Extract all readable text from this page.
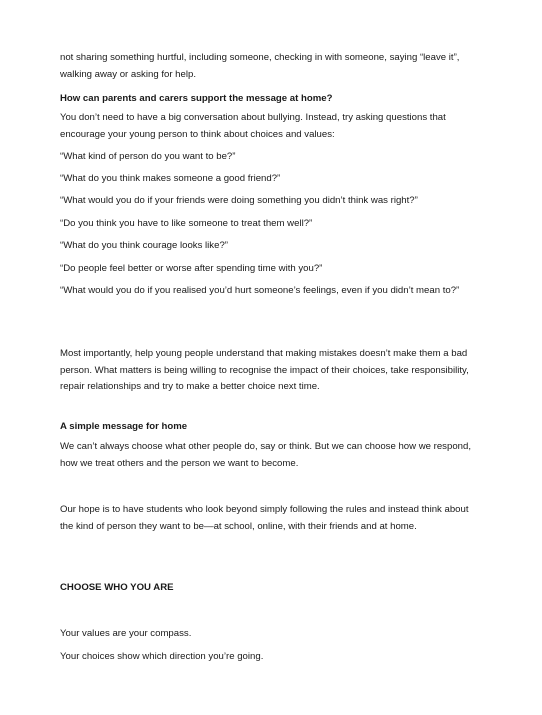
not sharing something hurtful, including someone, checking in with someone, saying “leave it”, walking away or asking for help.

How can parents and carers support the message at home?

You don’t need to have a big conversation about bullying. Instead, try asking questions that encourage your young person to think about choices and values:

“What kind of person do you want to be?”

“What do you think makes someone a good friend?”

“What would you do if your friends were doing something you didn’t think was right?”

“Do you think you have to like someone to treat them well?”

“What do you think courage looks like?”

“Do people feel better or worse after spending time with you?”

“What would you do if you realised you’d hurt someone’s feelings, even if you didn’t mean to?”

Most importantly, help young people understand that making mistakes doesn’t make them a bad person. What matters is being willing to recognise the impact of their choices, take responsibility, repair relationships and try to make a better choice next time.

A simple message for home

We can’t always choose what other people do, say or think. But we can choose how we respond, how we treat others and the person we want to become.

Our hope is to have students who look beyond simply following the rules and instead think about the kind of person they want to be—at school, online, with their friends and at home.

CHOOSE WHO YOU ARE

Your values are your compass.

Your choices show which direction you’re going.
